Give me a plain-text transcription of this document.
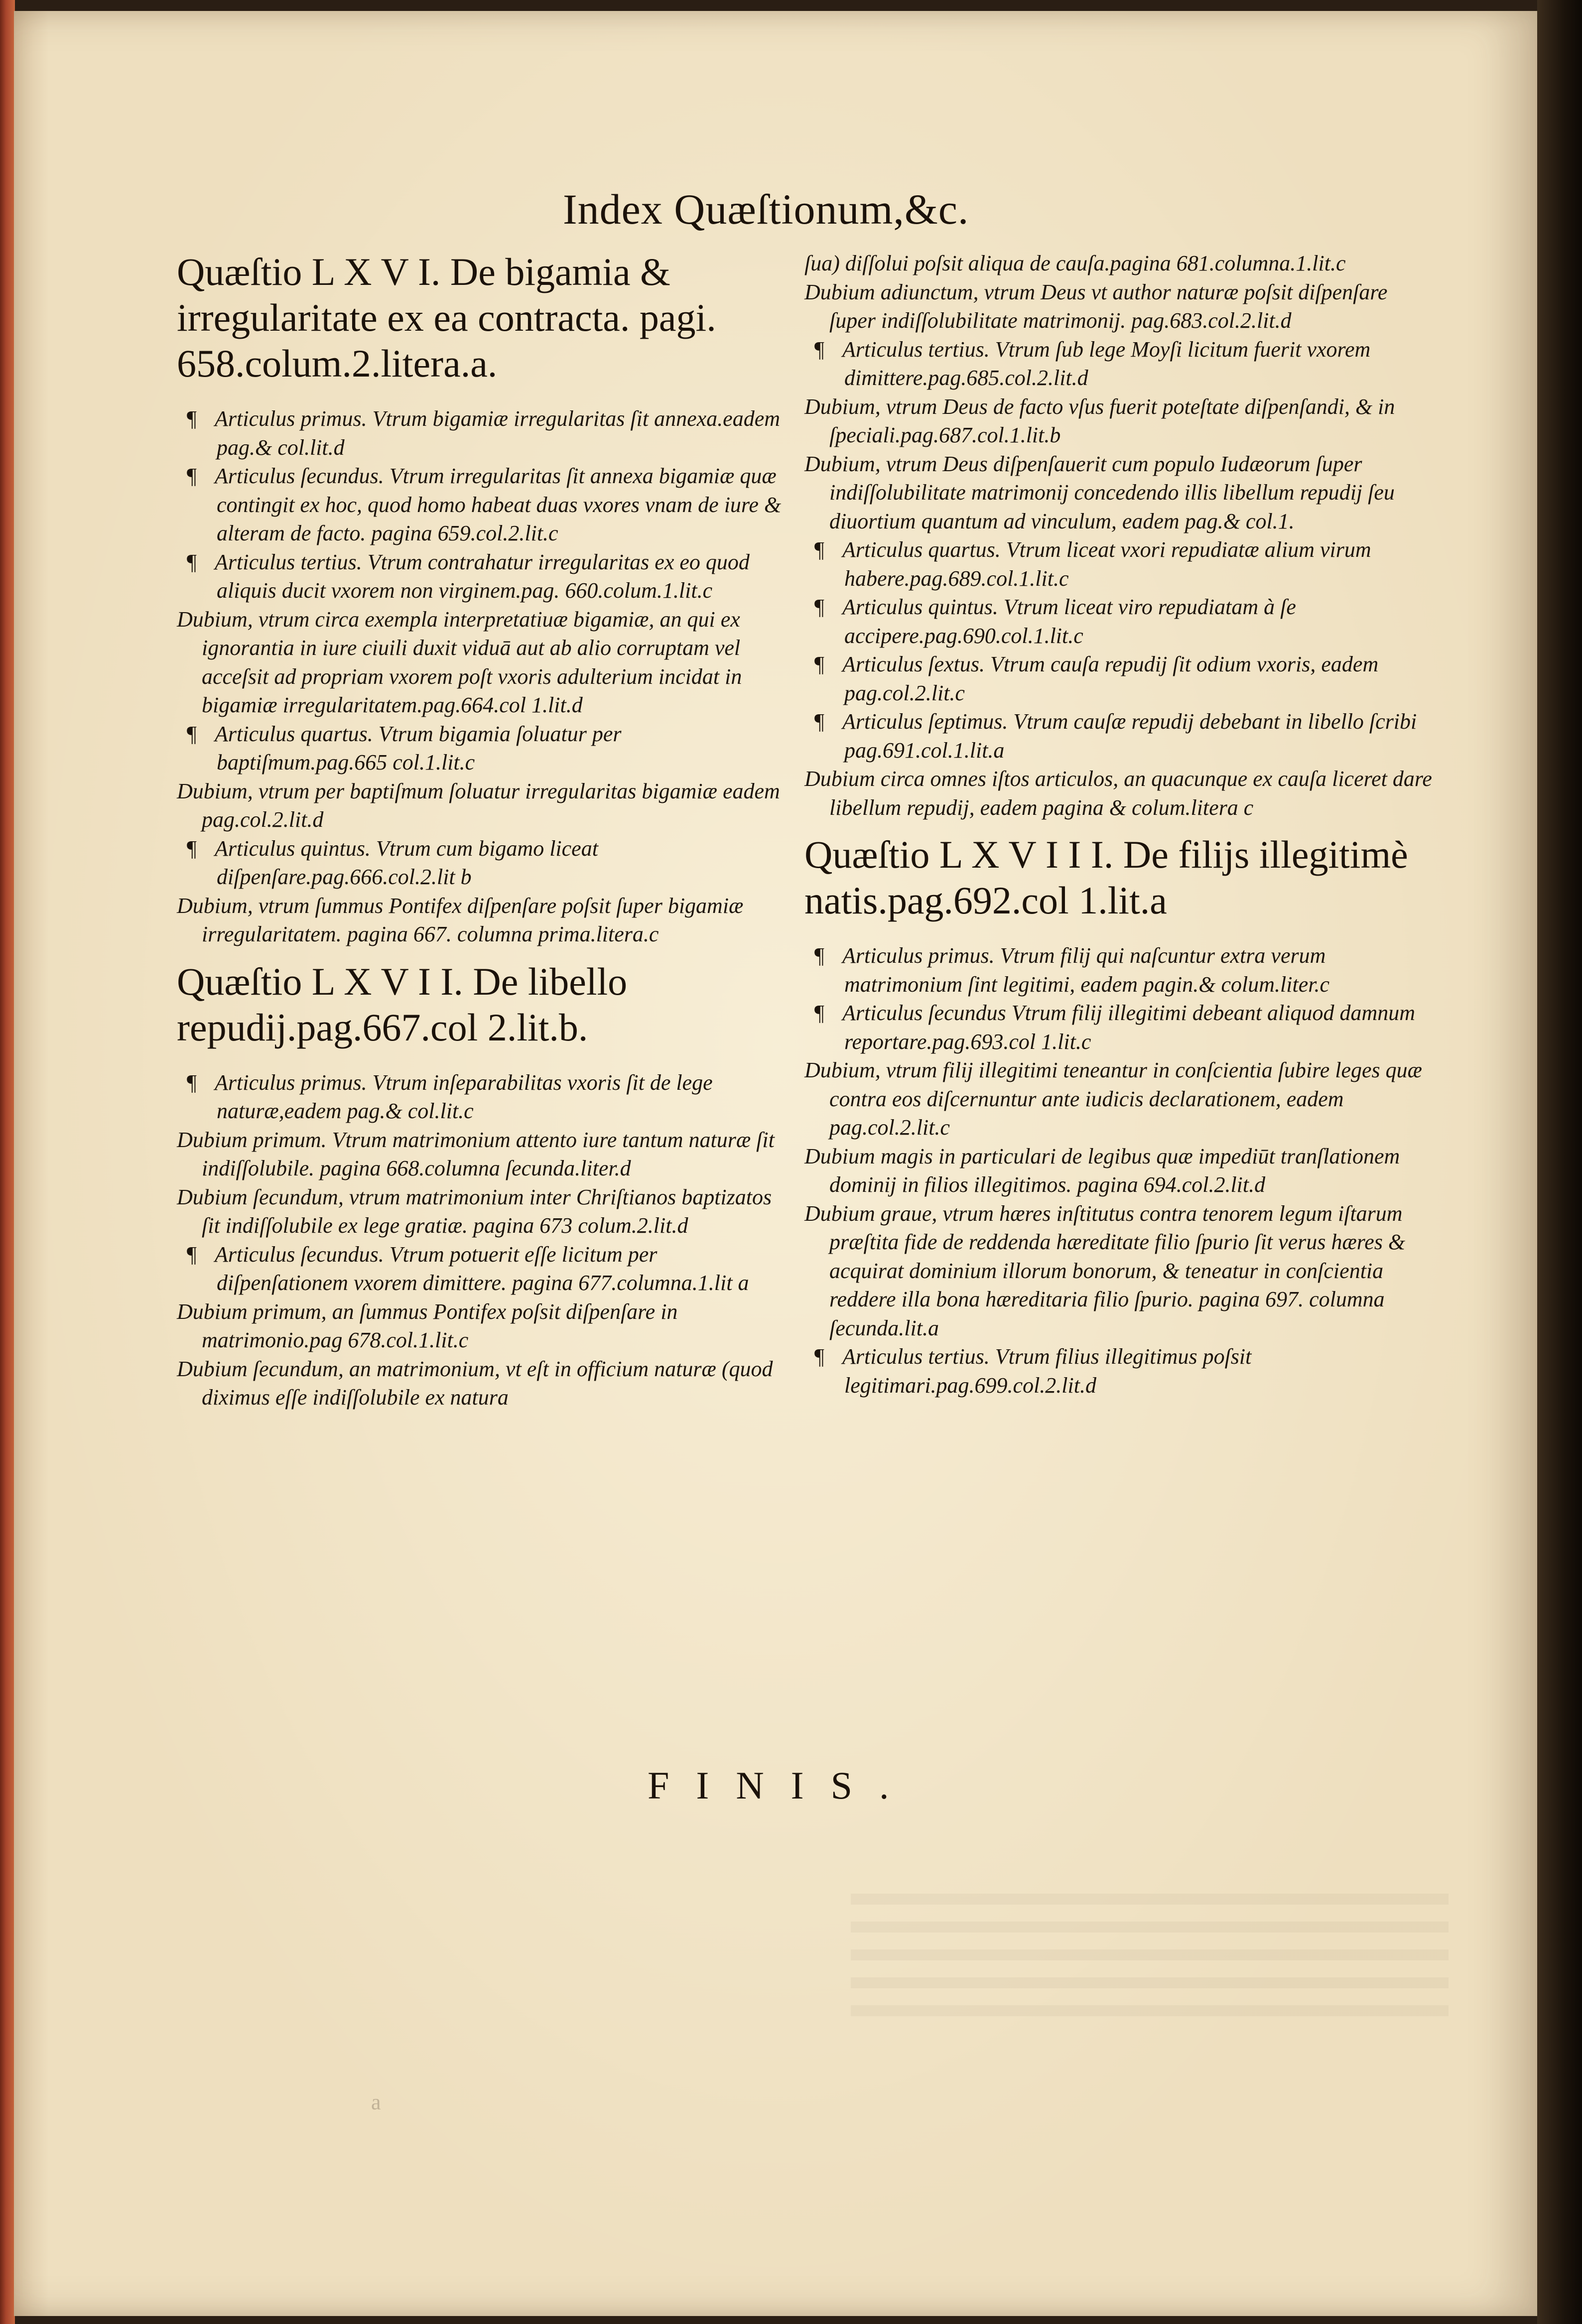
Index Quæſtionum,&c.

Quæſtio L X V I. De bigamia & irregularitate ex ea contracta. pagi. 658.colum.2.litera.a.

¶ Articulus primus. Vtrum bigamiæ irregularitas ſit annexa.eadem pag.& col.lit.d

¶ Articulus ſecundus. Vtrum irregularitas ſit annexa bigamiæ quæ contingit ex hoc, quod homo habeat duas vxores vnam de iure & alteram de facto. pagina 659.col.2.lit.c

¶ Articulus tertius. Vtrum contrahatur irregularitas ex eo quod aliquis ducit vxorem non virginem.pag. 660.colum.1.lit.c

Dubium, vtrum circa exempla interpretatiuæ bigamiæ, an qui ex ignorantia in iure ciuili duxit viduā aut ab alio corruptam vel acceſsit ad propriam vxorem poſt vxoris adulterium incidat in bigamiæ irregularitatem.pag.664.col 1.lit.d

¶ Articulus quartus. Vtrum bigamia ſoluatur per baptiſmum.pag.665 col.1.lit.c

Dubium, vtrum per baptiſmum ſoluatur irregularitas bigamiæ eadem pag.col.2.lit.d

¶ Articulus quintus. Vtrum cum bigamo liceat diſpenſare.pag.666.col.2.lit b

Dubium, vtrum ſummus Pontifex diſpenſare poſsit ſuper bigamiæ irregularitatem. pagina 667. columna prima.litera.c

Quæſtio L X V I I. De libello repudij.pag.667.col 2.lit.b.

¶ Articulus primus. Vtrum inſeparabilitas vxoris ſit de lege naturæ,eadem pag.& col.lit.c

Dubium primum. Vtrum matrimonium attento iure tantum naturæ ſit indiſſolubile. pagina 668.columna ſecunda.liter.d

Dubium ſecundum, vtrum matrimonium inter Chriſtianos baptizatos ſit indiſſolubile ex lege gratiæ. pagina 673 colum.2.lit.d

¶ Articulus ſecundus. Vtrum potuerit eſſe licitum per diſpenſationem vxorem dimittere. pagina 677.columna.1.lit a

Dubium primum, an ſummus Pontifex poſsit diſpenſare in matrimonio.pag 678.col.1.lit.c

Dubium ſecundum, an matrimonium, vt eſt in officium naturæ (quod diximus eſſe indiſſolubile ex natura

ſua) diſſolui poſsit aliqua de cauſa.pagina 681.columna.1.lit.c

Dubium adiunctum, vtrum Deus vt author naturæ poſsit diſpenſare ſuper indiſſolubilitate matrimonij. pag.683.col.2.lit.d

¶ Articulus tertius. Vtrum ſub lege Moyſi licitum fuerit vxorem dimittere.pag.685.col.2.lit.d

Dubium, vtrum Deus de facto vſus fuerit poteſtate diſpenſandi, & in ſpeciali.pag.687.col.1.lit.b

Dubium, vtrum Deus diſpenſauerit cum populo Iudæorum ſuper indiſſolubilitate matrimonij concedendo illis libellum repudij ſeu diuortium quantum ad vinculum, eadem pag.& col.1.

¶ Articulus quartus. Vtrum liceat vxori repudiatæ alium virum habere.pag.689.col.1.lit.c

¶ Articulus quintus. Vtrum liceat viro repudiatam à ſe accipere.pag.690.col.1.lit.c

¶ Articulus ſextus. Vtrum cauſa repudij ſit odium vxoris, eadem pag.col.2.lit.c

¶ Articulus ſeptimus. Vtrum cauſæ repudij debebant in libello ſcribi pag.691.col.1.lit.a

Dubium circa omnes iſtos articulos, an quacunque ex cauſa liceret dare libellum repudij, eadem pagina & colum.litera c

Quæſtio L X V I I I. De filijs illegitimè natis.pag.692.col 1.lit.a

¶ Articulus primus. Vtrum filij qui naſcuntur extra verum matrimonium ſint legitimi, eadem pagin.& colum.liter.c

¶ Articulus ſecundus Vtrum filij illegitimi debeant aliquod damnum reportare.pag.693.col 1.lit.c

Dubium, vtrum filij illegitimi teneantur in conſcientia ſubire leges quæ contra eos diſcernuntur ante iudicis declarationem, eadem pag.col.2.lit.c

Dubium magis in particulari de legibus quæ impediūt tranſlationem dominij in filios illegitimos. pagina 694.col.2.lit.d

Dubium graue, vtrum hæres inſtitutus contra tenorem legum iſtarum præſtita fide de reddenda hæreditate filio ſpurio ſit verus hæres & acquirat dominium illorum bonorum, & teneatur in conſcientia reddere illa bona hæreditaria filio ſpurio. pagina 697. columna ſecunda.lit.a

¶ Articulus tertius. Vtrum filius illegitimus poſsit legitimari.pag.699.col.2.lit.d

FINIS.
a
